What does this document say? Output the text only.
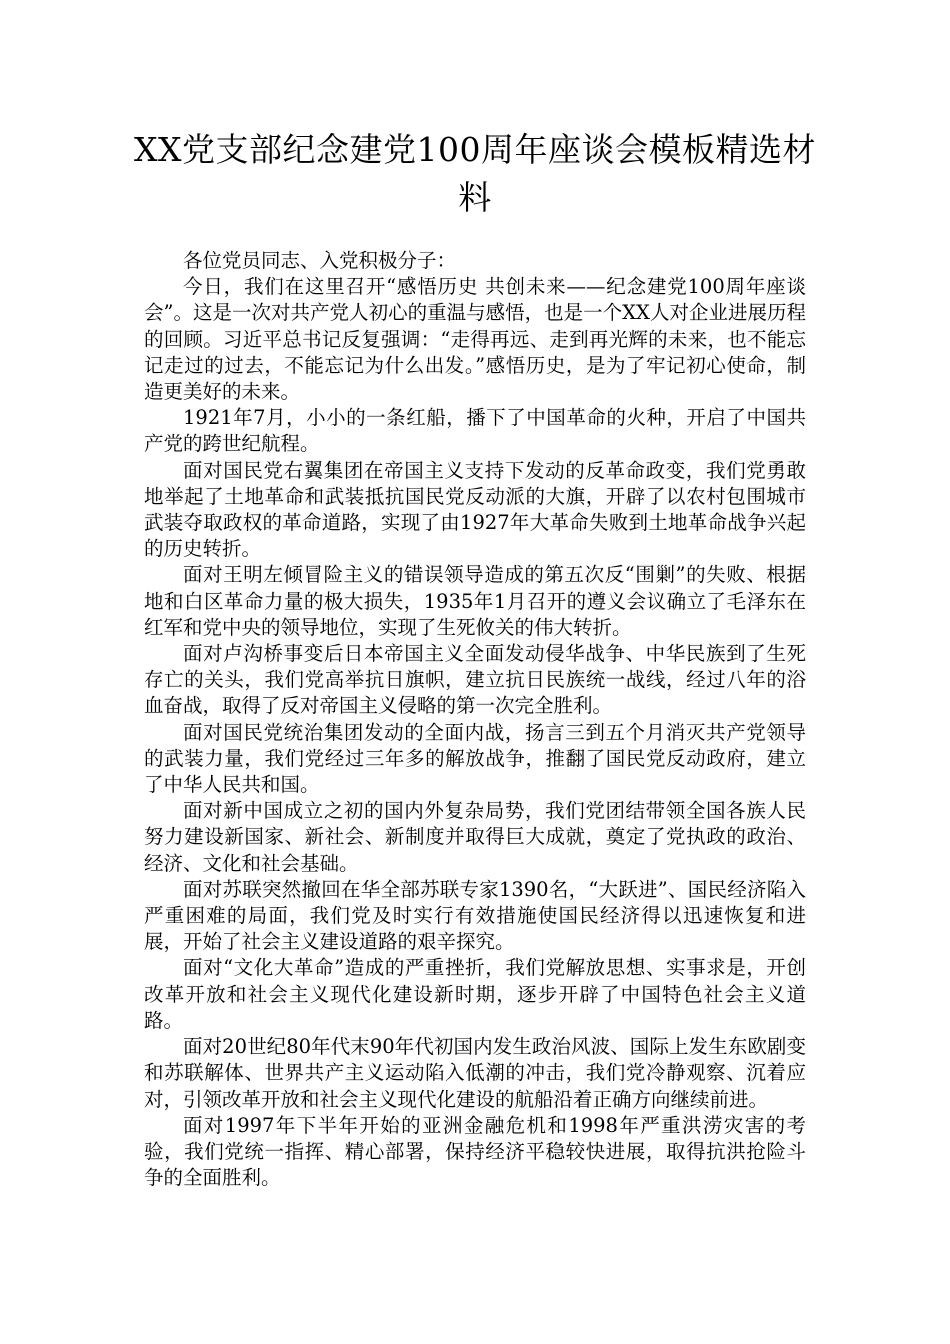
XX党支部纪念建党100周年座谈会模板精选材料

各位党员同志、入党积极分子：

今日，我们在这里召开“感悟历史 共创未来——纪念建党100周年座谈会”。这是一次对共产党人初心的重温与感悟，也是一个XX人对企业进展历程的回顾。习近平总书记反复强调：“走得再远、走到再光辉的未来，也不能忘记走过的过去，不能忘记为什么出发。”感悟历史，是为了牢记初心使命，制造更美好的未来。

1921年7月，小小的一条红船，播下了中国革命的火种，开启了中国共产党的跨世纪航程。

面对国民党右翼集团在帝国主义支持下发动的反革命政变，我们党勇敢地举起了土地革命和武装抵抗国民党反动派的大旗，开辟了以农村包围城市武装夺取政权的革命道路，实现了由1927年大革命失败到土地革命战争兴起的历史转折。

面对王明左倾冒险主义的错误领导造成的第五次反“围剿”的失败、根据地和白区革命力量的极大损失，1935年1月召开的遵义会议确立了毛泽东在红军和党中央的领导地位，实现了生死攸关的伟大转折。

面对卢沟桥事变后日本帝国主义全面发动侵华战争、中华民族到了生死存亡的关头，我们党高举抗日旗帜，建立抗日民族统一战线，经过八年的浴血奋战，取得了反对帝国主义侵略的第一次完全胜利。

面对国民党统治集团发动的全面内战，扬言三到五个月消灭共产党领导的武装力量，我们党经过三年多的解放战争，推翻了国民党反动政府，建立了中华人民共和国。

面对新中国成立之初的国内外复杂局势，我们党团结带领全国各族人民努力建设新国家、新社会、新制度并取得巨大成就，奠定了党执政的政治、经济、文化和社会基础。

面对苏联突然撤回在华全部苏联专家1390名，“大跃进”、国民经济陷入严重困难的局面，我们党及时实行有效措施使国民经济得以迅速恢复和进展，开始了社会主义建设道路的艰辛探究。

面对“文化大革命”造成的严重挫折，我们党解放思想、实事求是，开创改革开放和社会主义现代化建设新时期，逐步开辟了中国特色社会主义道路。

面对20世纪80年代末90年代初国内发生政治风波、国际上发生东欧剧变和苏联解体、世界共产主义运动陷入低潮的冲击，我们党冷静观察、沉着应对，引领改革开放和社会主义现代化建设的航船沿着正确方向继续前进。

面对1997年下半年开始的亚洲金融危机和1998年严重洪涝灾害的考验，我们党统一指挥、精心部署，保持经济平稳较快进展，取得抗洪抢险斗争的全面胜利。
